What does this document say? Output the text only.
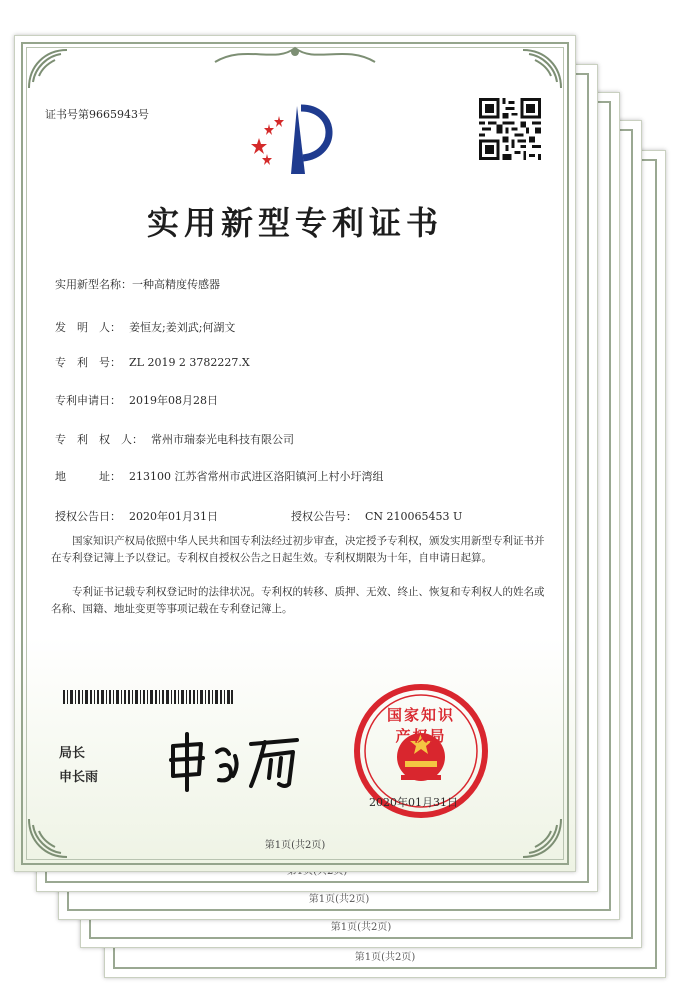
第1页(共2页)
第1页(共2页)
第1页(共2页)
证书号第9665943号
实用新型专利证书
实用新型名称：一种高精度传感器
发　明　人： 姜恒友;姜刘武;何湖文
专　利　号： ZL 2019 2 3782227.X
专利申请日： 2019年08月28日
专　利　权　人： 常州市瑞泰光电科技有限公司
地　　　址： 213100 江苏省常州市武进区洛阳镇河上村小圩湾组
授权公告日： 2020年01月31日	授权公告号： CN 210065453 U
国家知识产权局依照中华人民共和国专利法经过初步审查，决定授予专利权，颁发实用新型专利证书并在专利登记簿上予以登记。专利权自授权公告之日起生效。专利权期限为十年，自申请日起算。
专利证书记载专利权登记时的法律状况。专利权的转移、质押、无效、终止、恢复和专利权人的姓名或名称、国籍、地址变更等事项记载在专利登记簿上。
局长
申长雨
国家知识产权局
2020年01月31日
第1页(共2页)
